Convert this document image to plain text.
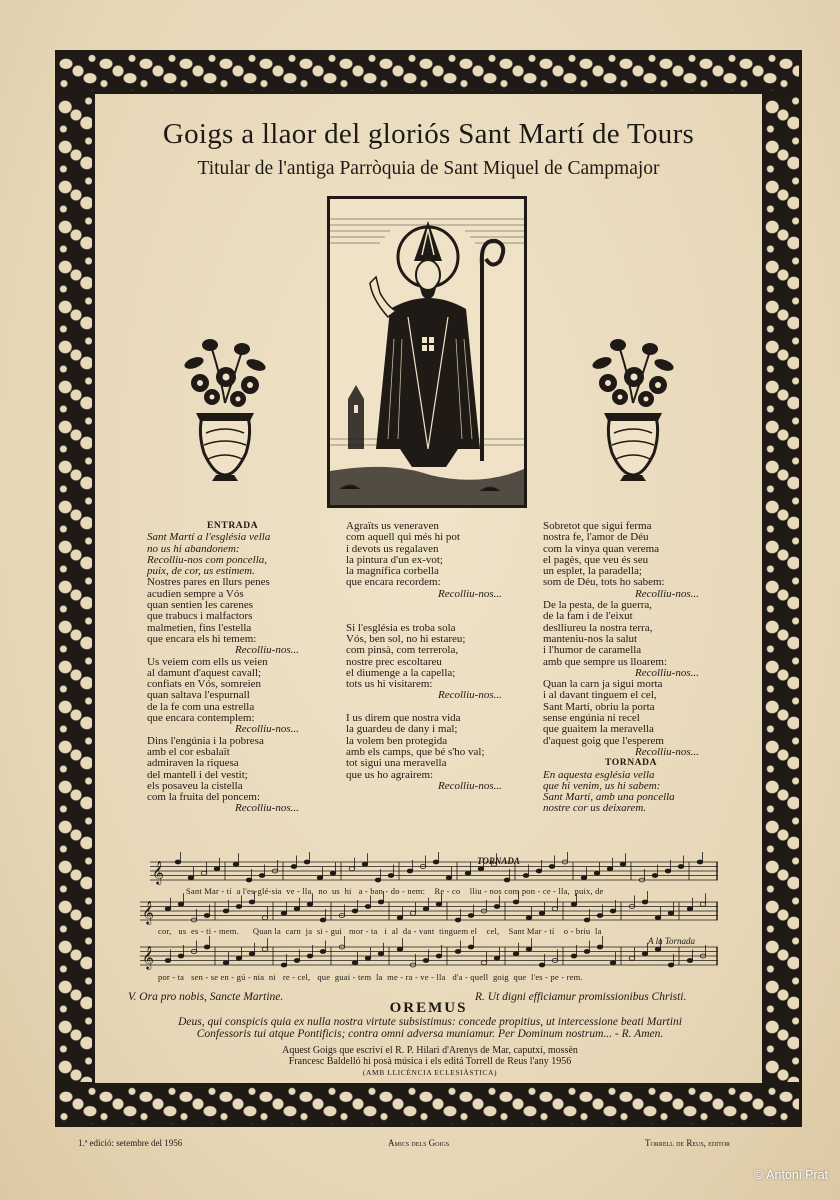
Goigs a llaor del gloriós Sant Martí de Tours
Titular de l'antiga Parròquia de Sant Miquel de Campmajor
ENTRADA
Sant Martí a l'església vella
no us hi abandonem:
Recolliu-nos com poncella,
puix, de cor, us estimem.
Nostres pares en llurs penes
acudien sempre a Vós
quan sentien les carenes
que trabucs i malfactors
malmetien, fins l'estella
que encara els hi temem:
Recolliu-nos...
Us veiem com ells us veien
al damunt d'aquest cavall;
confiats en Vós, somreien
quan saltava l'espurnall
de la fe com una estrella
que encara contemplem:
Recolliu-nos...
Dins l'engúnia i la pobresa
amb el cor esbalaït
admiraven la riquesa
del mantell i del vestit;
els posaveu la cistella
com la fruita del poncem:
Recolliu-nos...
Agraïts us veneraven
com aquell qui més hi pot
i devots us regalaven
la pintura d'un ex-vot;
la magnífica corbella
que encara recordem:
Recolliu-nos...
Si l'església es troba sola
Vós, ben sol, no hi estareu;
com pinsà, com terrerola,
nostre prec escoltareu
el diumenge a la capella;
tots us hi visitarem:
Recolliu-nos...
I us direm que nostra vida
la guardeu de dany i mal;
la volem ben protegida
amb els camps, que bé s'ho val;
tot sigui una meravella
que us ho agrairem:
Recolliu-nos...
Sobretot que sigui ferma
nostra fe, l'amor de Déu
com la vinya quan verema
el pagès, que veu és seu
un esplet, la paradella;
som de Déu, tots ho sabem:
Recolliu-nos...
De la pesta, de la guerra,
de la fam i de l'eixut
deslliureu la nostra terra,
manteniu-nos la salut
i l'humor de caramella
amb que sempre us lloarem:
Recolliu-nos...
Quan la carn ja sigui morta
i al davant tinguem el cel,
Sant Martí, obriu la porta
sense engúnia ni recel
que guaitem la meravella
d'aquest goig que l'esperem
Recolliu-nos...
TORNADA
En aquesta església vella
que hi venim, us hi sabem:
Sant Martí, amb una poncella
nostre cor us deixarem.
𝄞
𝄞
𝄞
TORNADA
A la Tornada
Sant Mar - tí  a l'es-glé-sia  ve - lla   no  us  hi   a - ban - do - nem:    Re - co    lliu - nos com pon - ce - lla,  puix, de
cor,   us  es - ti - mem.      Quan la  carn  ja  si - gui   mor - ta   i  al  da - vant  tinguem el    cel,    Sant Mar - tí    o - briu  la
por - ta   sen - se en - gú - nia  ni   re - cel,   que  guai - tem  la  me - ra - ve - lla   d'a - quell  goig  que  l'es - pe - rem.
V. Ora pro nobis, Sancte Martine.	R. Ut digni efficiamur promissionibus Christi.
OREMUS
Deus, qui conspicis quia ex nulla nostra virtute subsistimus: concede propitius, ut intercessione beati Martini
Confessoris tui atque Pontificis; contra omni adversa muniamur. Per Dominum nostrum... - R. Amen.
Aquest Goigs que escriví el R. P. Hilari d'Arenys de Mar, caputxí, mossèn
Francesc Baldelló hi posà música i els editá Torrell de Reus l'any 1956
(AMB LLICÈNCIA ECLESIÀSTICA)
1.ª edició: setembre del 1956	Amics dels Goigs	Torrell de Reus, editor
© Antoni Prat
